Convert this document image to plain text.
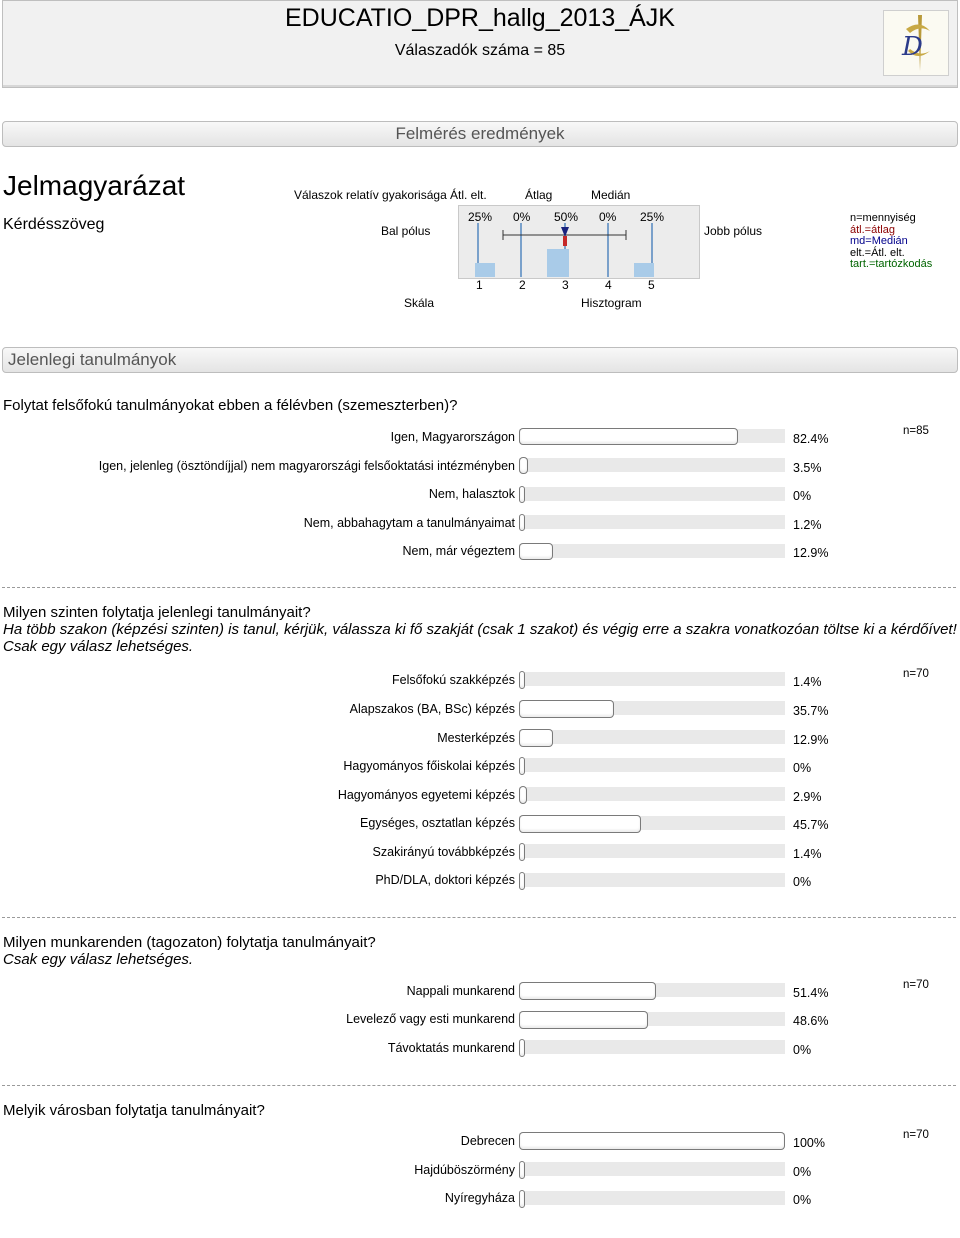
EDUCATIO_DPR_hallg_2013_ÁJK
Válaszadók száma = 85	D
Felmérés eredmények
Jelmagyarázat
Kérdésszöveg
Válaszok relatív gyakorisága Átl. elt.	Átlag	Medián
Bal pólus	Jobb pólus
25% 0% 50% 0% 25%
1	2	3	4	5
Skála	Hisztogram
n=mennyiség
átl.=átlag
md=Medián
elt.=Átl. elt.
tart.=tartózkodás
Jelenlegi tanulmányok
Folytat felsőfokú tanulmányokat ebben a félévben (szemeszterben)?
n=85
Igen, Magyarországon	82.4%
Igen, jelenleg (ösztöndíjjal) nem magyarországi felsőoktatási intézményben	3.5%
Nem, halasztok	0%
Nem, abbahagytam a tanulmányaimat	1.2%
Nem, már végeztem	12.9%
Milyen szinten folytatja jelenlegi tanulmányait?
Ha több szakon (képzési szinten) is tanul, kérjük, válassza ki fő szakját (csak 1 szakot) és végig erre a szakra vonatkozóan töltse ki a kérdőívet! Csak egy válasz lehetséges.
n=70
Felsőfokú szakképzés	1.4%
Alapszakos (BA, BSc) képzés	35.7%
Mesterképzés	12.9%
Hagyományos főiskolai képzés	0%
Hagyományos egyetemi képzés	2.9%
Egységes, osztatlan képzés	45.7%
Szakirányú továbbképzés	1.4%
PhD/DLA, doktori képzés	0%
Milyen munkarenden (tagozaton) folytatja tanulmányait?
Csak egy válasz lehetséges.
n=70
Nappali munkarend	51.4%
Levelező vagy esti munkarend	48.6%
Távoktatás munkarend	0%
Melyik városban folytatja tanulmányait?
n=70
Debrecen	100%
Hajdúböszörmény	0%
Nyíregyháza	0%
